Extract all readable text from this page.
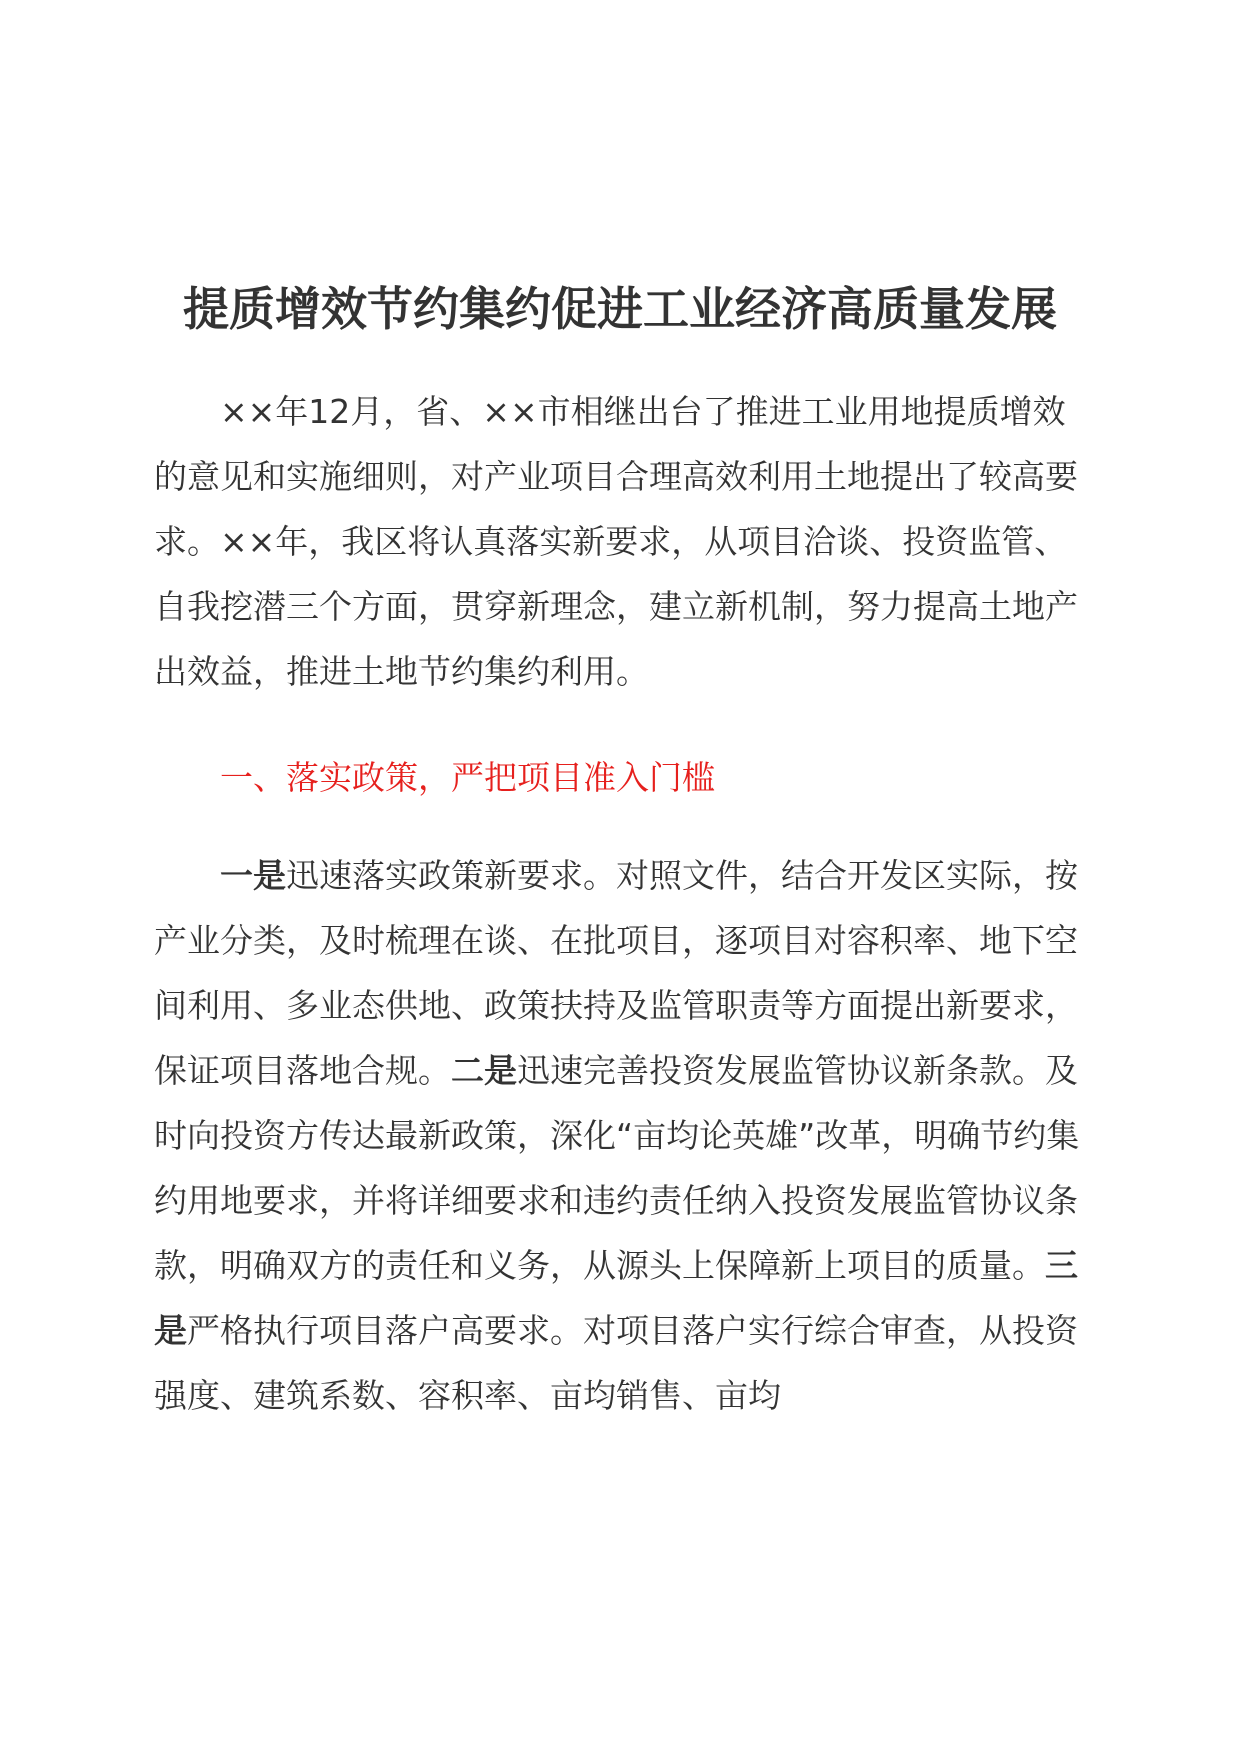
提质增效节约集约促进工业经济高质量发展

××年12月，省、××市相继出台了推进工业用地提质增效的意见和实施细则，对产业项目合理高效利用土地提出了较高要求。××年，我区将认真落实新要求，从项目洽谈、投资监管、自我挖潜三个方面，贯穿新理念，建立新机制，努力提高土地产出效益，推进土地节约集约利用。

一、落实政策，严把项目准入门槛

一是迅速落实政策新要求。对照文件，结合开发区实际，按产业分类，及时梳理在谈、在批项目，逐项目对容积率、地下空间利用、多业态供地、政策扶持及监管职责等方面提出新要求，保证项目落地合规。二是迅速完善投资发展监管协议新条款。及时向投资方传达最新政策，深化“亩均论英雄”改革，明确节约集约用地要求，并将详细要求和违约责任纳入投资发展监管协议条款，明确双方的责任和义务，从源头上保障新上项目的质量。三是严格执行项目落户高要求。对项目落户实行综合审查，从投资强度、建筑系数、容积率、亩均销售、亩均
